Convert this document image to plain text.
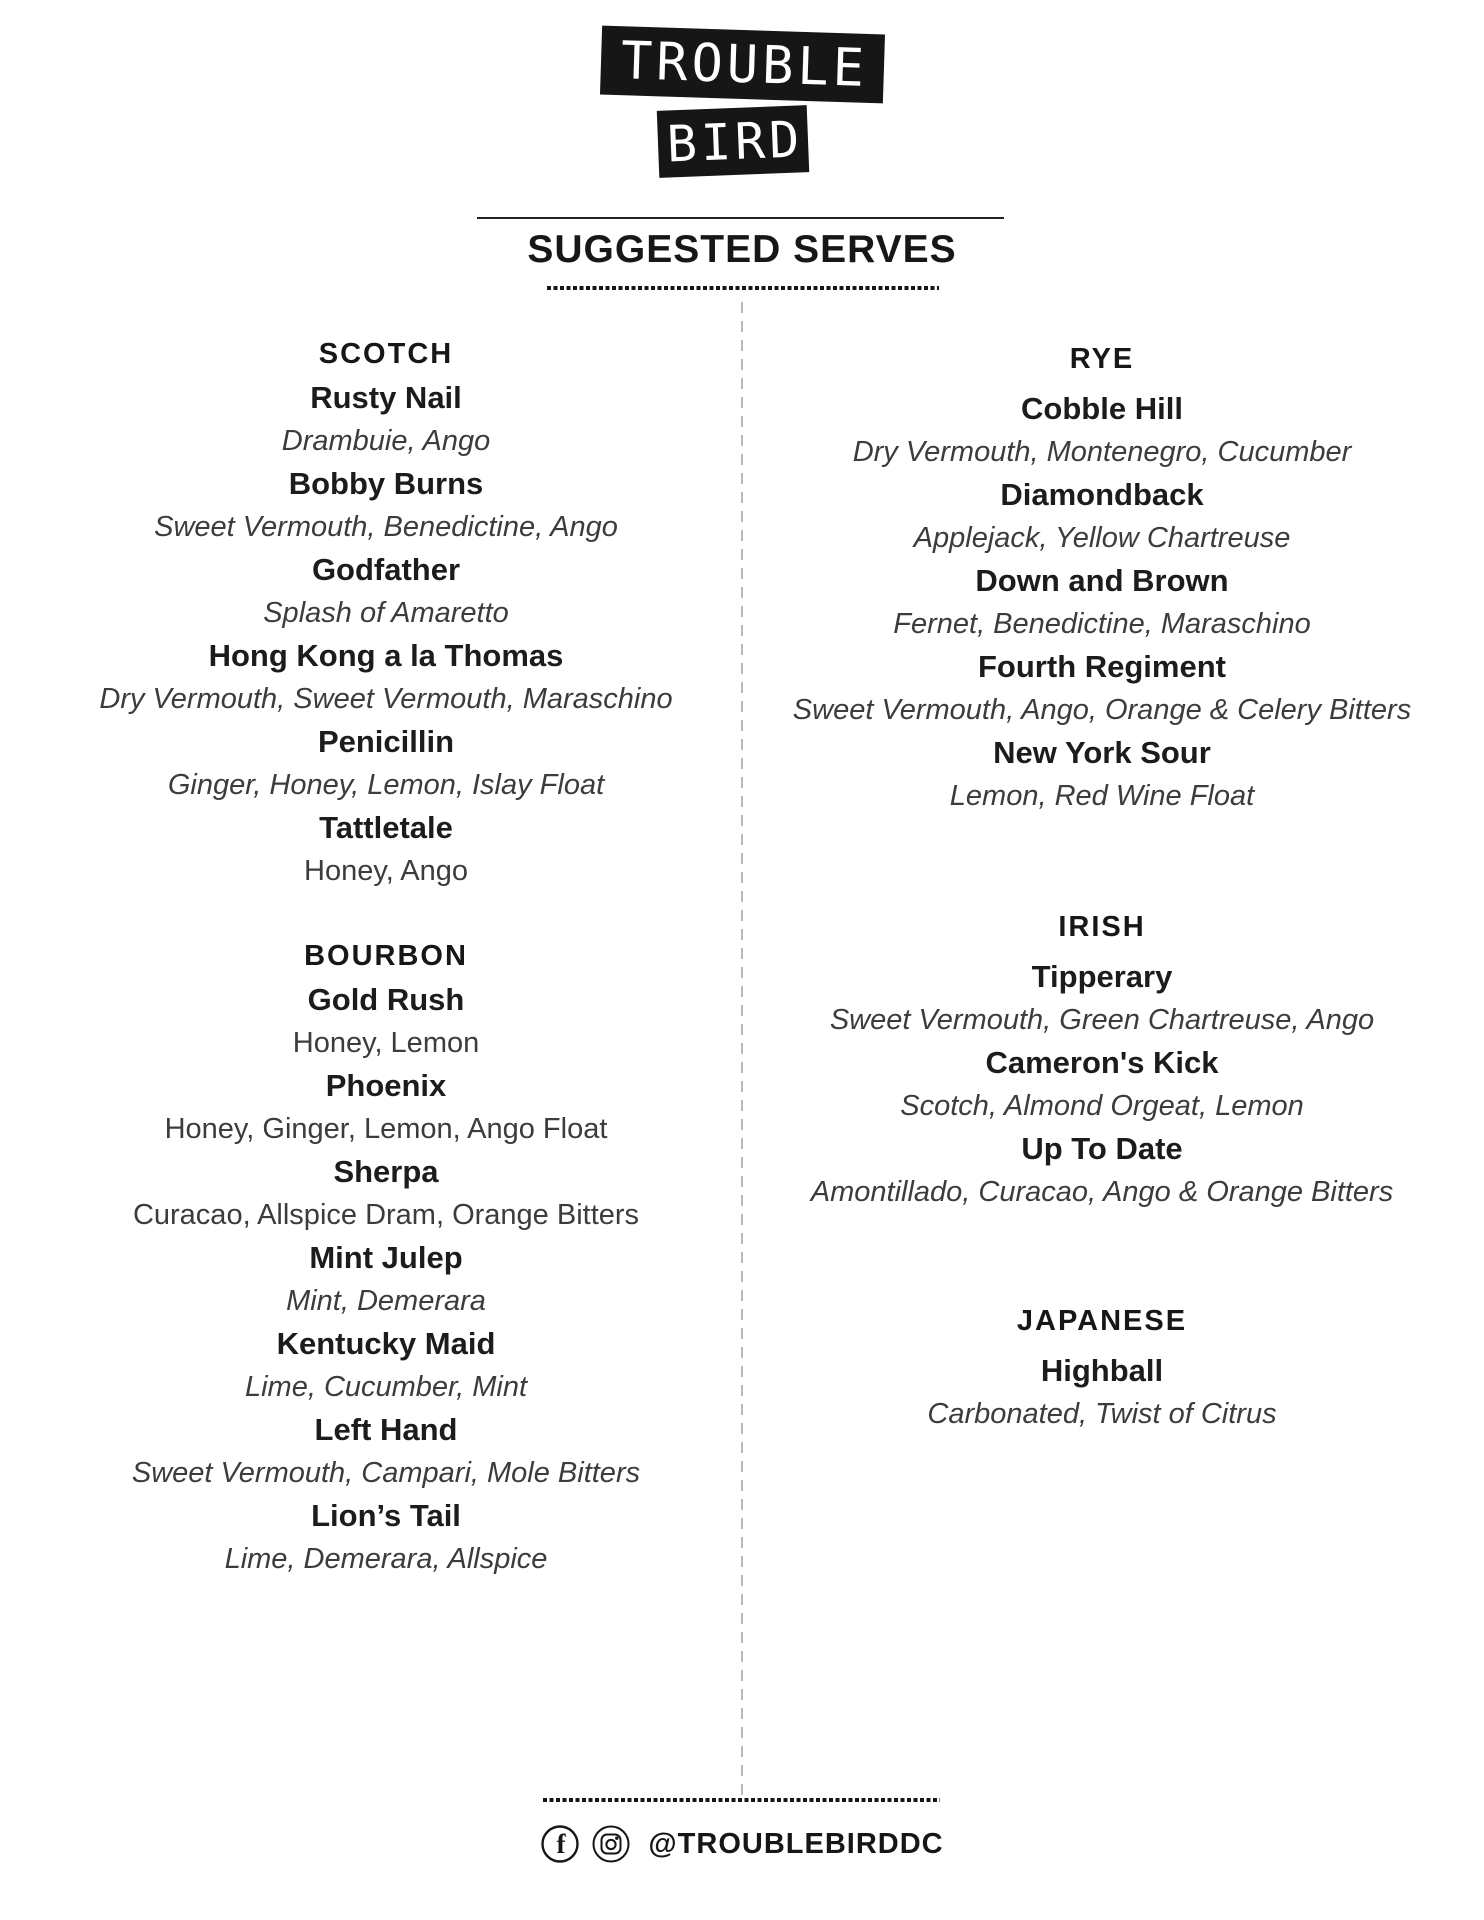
TROUBLE
BIRD
SUGGESTED SERVES
SCOTCH
Rusty Nail
Drambuie, Ango
Bobby Burns
Sweet Vermouth, Benedictine, Ango
Godfather
Splash of Amaretto
Hong Kong a la Thomas
Dry Vermouth, Sweet Vermouth, Maraschino
Penicillin
Ginger, Honey, Lemon, Islay Float
Tattletale
Honey, Ango
BOURBON
Gold Rush
Honey, Lemon
Phoenix
Honey, Ginger, Lemon, Ango Float
Sherpa
Curacao, Allspice Dram, Orange Bitters
Mint Julep
Mint, Demerara
Kentucky Maid
Lime, Cucumber, Mint
Left Hand
Sweet Vermouth, Campari, Mole Bitters
Lion’s Tail
Lime, Demerara, Allspice
RYE
Cobble Hill
Dry Vermouth, Montenegro, Cucumber
Diamondback
Applejack, Yellow Chartreuse
Down and Brown
Fernet, Benedictine, Maraschino
Fourth Regiment
Sweet Vermouth, Ango, Orange & Celery Bitters
New York Sour
Lemon, Red Wine Float
IRISH
Tipperary
Sweet Vermouth, Green Chartreuse, Ango
Cameron's Kick
Scotch, Almond Orgeat, Lemon
Up To Date
Amontillado, Curacao, Ango & Orange Bitters
JAPANESE
Highball
Carbonated, Twist of Citrus
f	@TROUBLEBIRDDC
